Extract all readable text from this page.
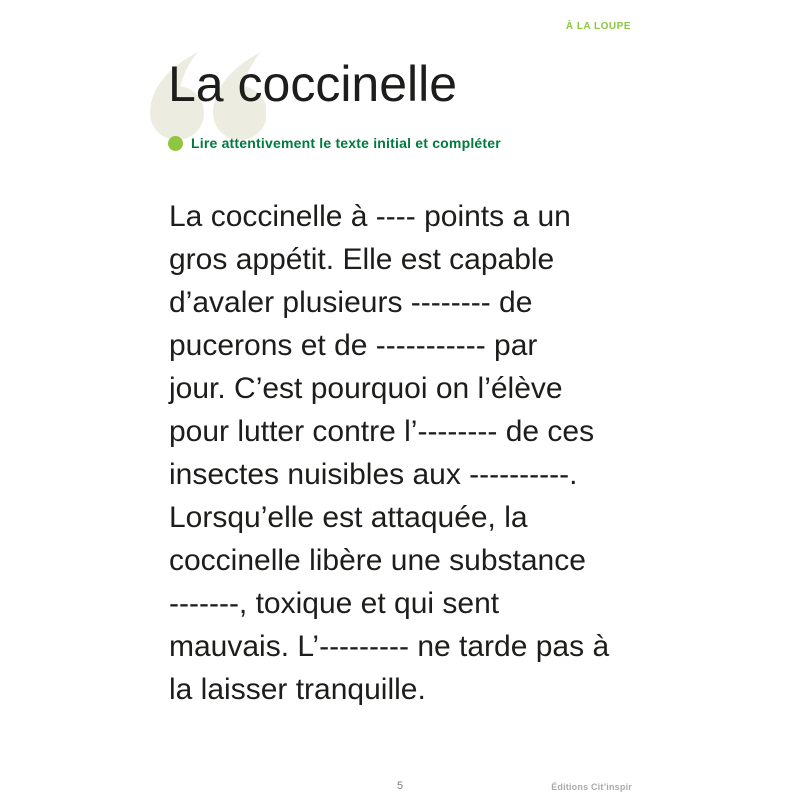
À LA LOUPE
La coccinelle
Lire attentivement le texte initial et compléter
La coccinelle à ---- points a un
gros appétit. Elle est capable
d’avaler plusieurs -------- de
pucerons et de ----------- par
jour. C’est pourquoi on l’élève
pour lutter contre l’-------- de ces
insectes nuisibles aux ----------.
Lorsqu’elle est attaquée, la
coccinelle libère une substance
-------, toxique et qui sent
mauvais. L’--------- ne tarde pas à
la laisser tranquille.
5	Éditions Cit’inspir
